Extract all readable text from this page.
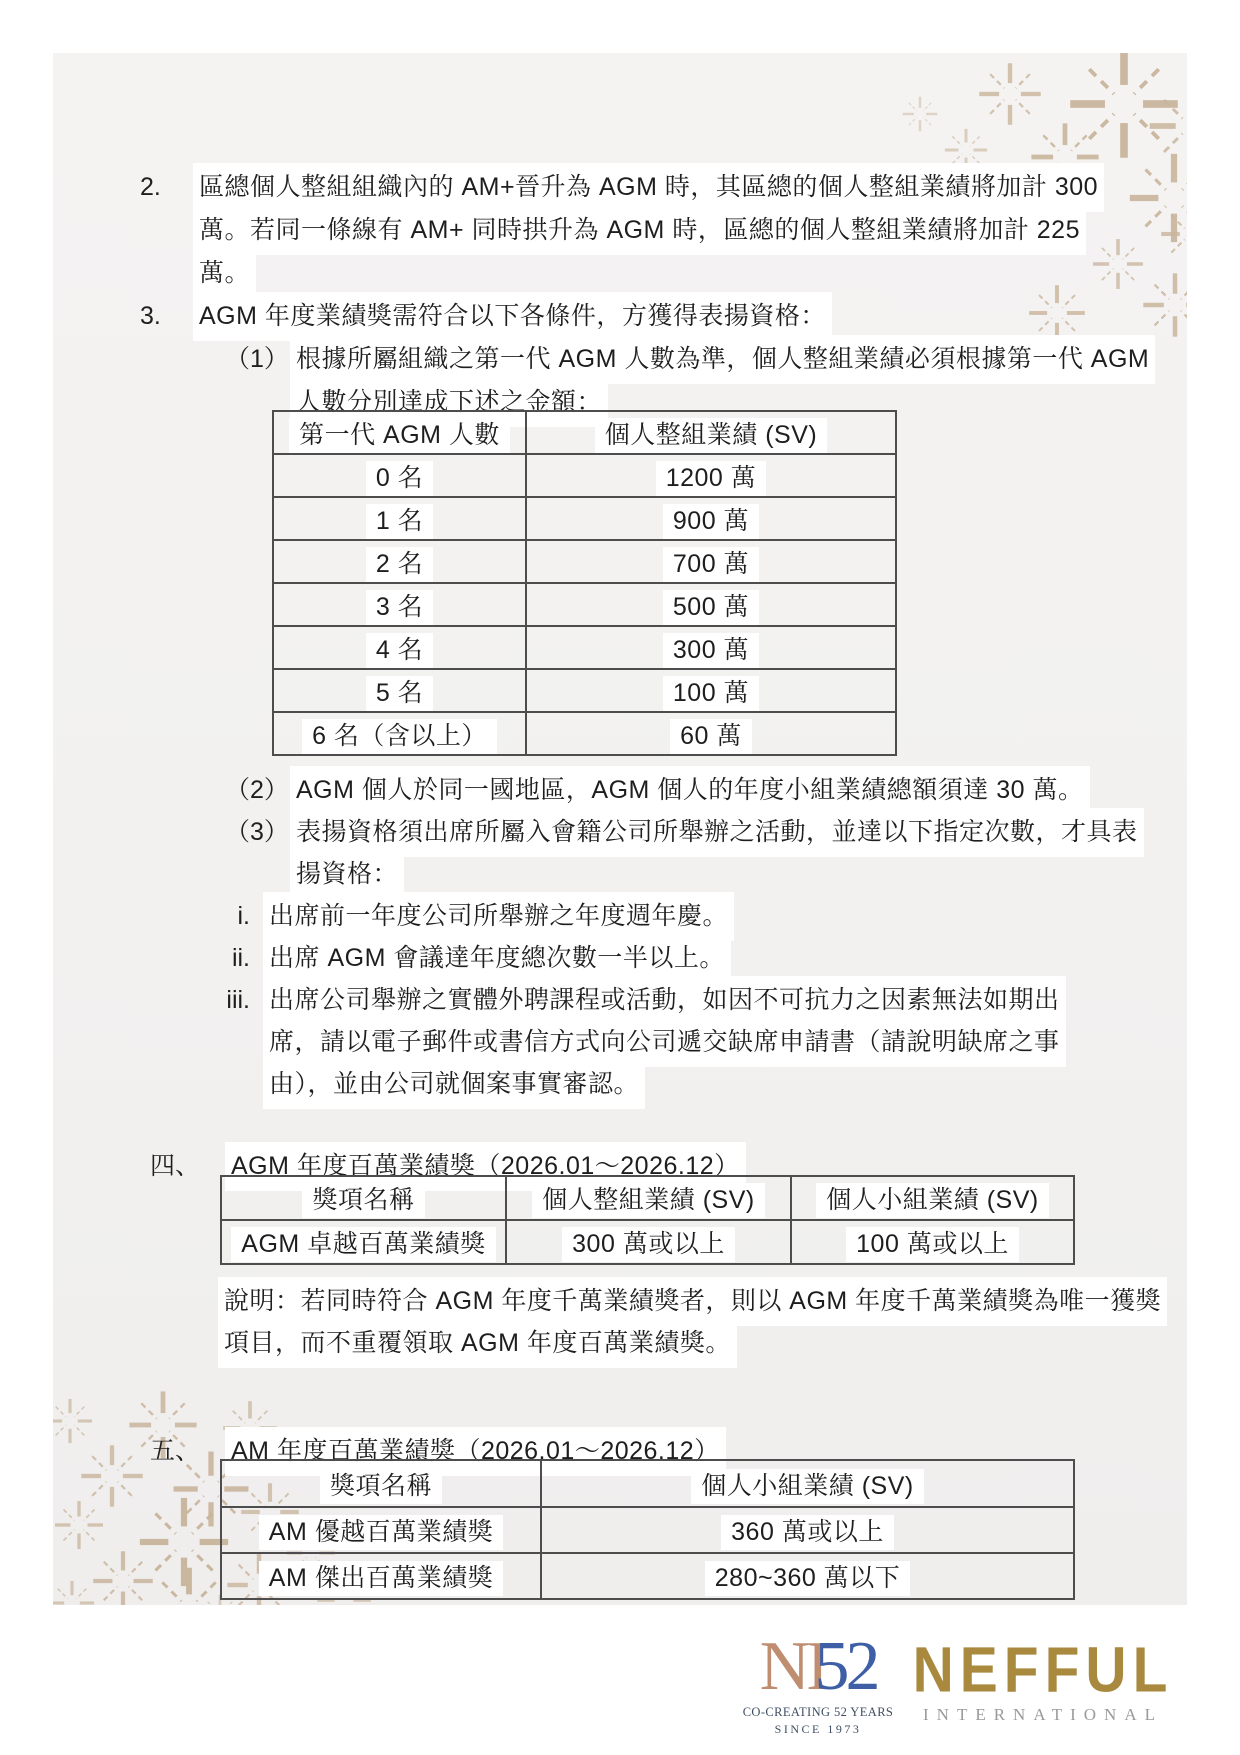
2. 區總個人整組組織內的 AM+晉升為 AGM 時，其區總的個人整組業績將加計 300
萬。若同一條線有 AM+ 同時拱升為 AGM 時，區總的個人整組業績將加計 225
萬。
3. AGM 年度業績獎需符合以下各條件，方獲得表揚資格：
（1） 根據所屬組織之第一代 AGM 人數為準，個人整組業績必須根據第一代 AGM
人數分別達成下述之金額：
第一代 AGM 人數	個人整組業績 (SV)
0 名	1200 萬
1 名	900 萬
2 名	700 萬
3 名	500 萬
4 名	300 萬
5 名	100 萬
6 名（含以上）	60 萬
（2） AGM 個人於同一國地區，AGM 個人的年度小組業績總額須達 30 萬。
（3） 表揚資格須出席所屬入會籍公司所舉辦之活動，並達以下指定次數，才具表
揚資格：
i. 出席前一年度公司所舉辦之年度週年慶。
ii. 出席 AGM 會議達年度總次數一半以上。
iii. 出席公司舉辦之實體外聘課程或活動，如因不可抗力之因素無法如期出
席，請以電子郵件或書信方式向公司遞交缺席申請書（請說明缺席之事
由），並由公司就個案事實審認。
四、 AGM 年度百萬業績獎（2026.01～2026.12）
獎項名稱	個人整組業績 (SV)	個人小組業績 (SV)
AGM 卓越百萬業績獎	300 萬或以上	100 萬或以上
說明：若同時符合 AGM 年度千萬業績獎者，則以 AGM 年度千萬業績獎為唯一獲獎
項目，而不重覆領取 AGM 年度百萬業績獎。
五、 AM 年度百萬業績獎（2026.01～2026.12）
獎項名稱	個人小組業績 (SV)
AM 優越百萬業績獎	360 萬或以上
AM 傑出百萬業績獎	280~360 萬以下
NI52
CO-CREATING 52 YEARS
SINCE 1973
NEFFUL
INTERNATIONAL
